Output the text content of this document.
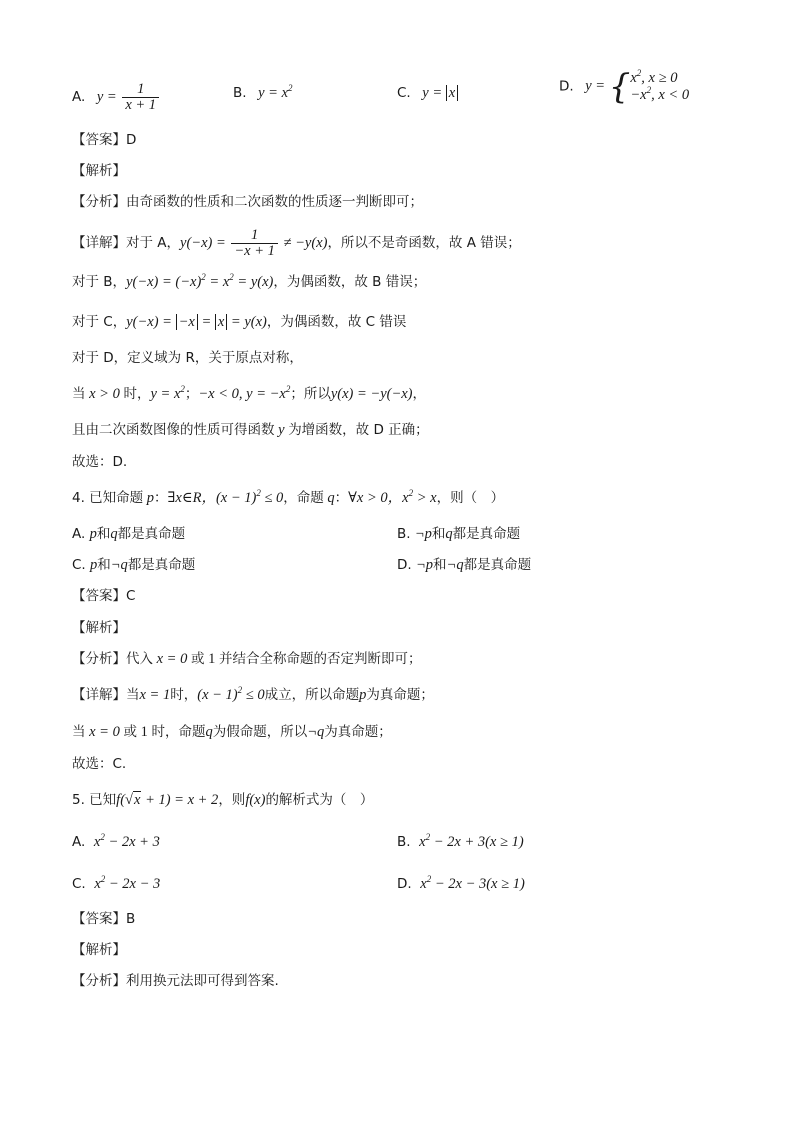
A.   $y = \frac{1}{x + 1}$	B.   $y = x^2$	C.   y = x	D.   y = { $x^2$, x ≥ 0
$-x^2$, x < 0
【答案】D
【解析】
【分析】由奇函数的性质和二次函数的性质逐一判断即可；
【详解】对于 A，$y(-x) = \frac{1}{-x + 1} \ne -y(x)$，所以不是奇函数，故 A 错误；
对于 B，$y(-x) = (-x)^2 = x^2 = y(x)$，为偶函数，故 B 错误；
对于 C，y(−x) = −x = x = y(x)，为偶函数，故 C 错误
对于 D，定义域为 R，关于原点对称，
当 x > 0 时，$y = x^2$；−x < 0, $y = -x^2$；所以y(x) = −y(−x)，
且由二次函数图像的性质可得函数 y 为增函数，故 D 正确；
故选：D.
4. 已知命题 p：∃x∈R，$(x - 1)^2 \le 0$，命题 q：∀x > 0，$x^2 > x$，则（　）
A. p和q都是真命题	B. ¬p和q都是真命题
C. p和¬q都是真命题	D. ¬p和¬q都是真命题
【答案】C
【解析】
【分析】代入 x = 0 或 1 并结合全称命题的否定判断即可；
【详解】当x = 1时，$(x - 1)^2 \le 0$成立，所以命题p为真命题；
当 x = 0 或 1 时，命题q为假命题，所以¬q为真命题；
故选：C.
5. 已知f(√x + 1) = x + 2，则f(x)的解析式为（　）
A. $x^2 - 2x + 3$	B. $x^2 - 2x + 3(x \ge 1)$
C. $x^2 - 2x - 3$	D. $x^2 - 2x - 3(x \ge 1)$
【答案】B
【解析】
【分析】利用换元法即可得到答案.
